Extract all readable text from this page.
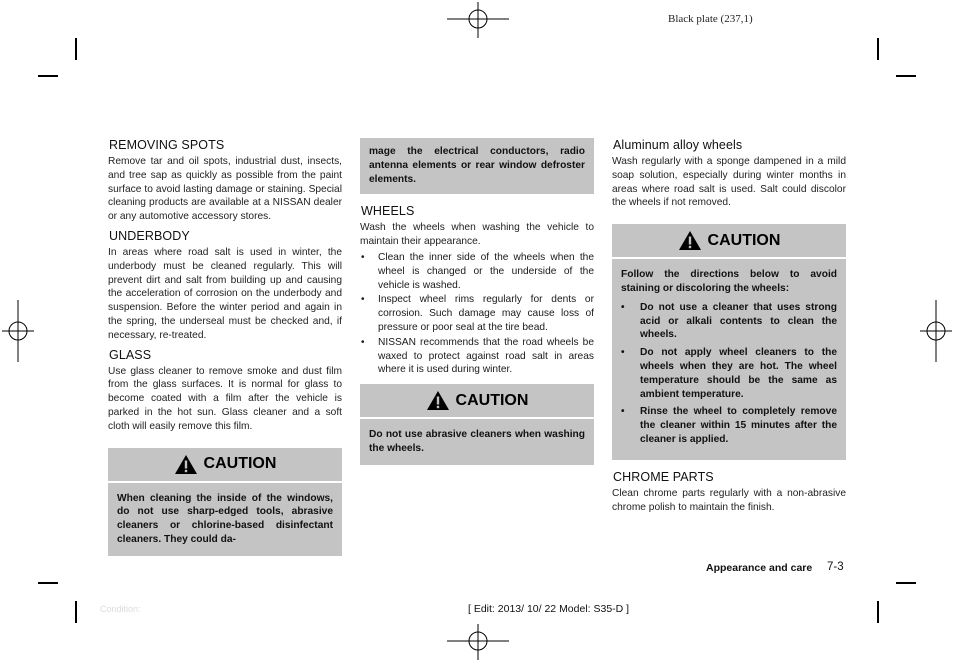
Black plate (237,1)
REMOVING SPOTS

Remove tar and oil spots, industrial dust, insects, and tree sap as quickly as possible from the paint surface to avoid lasting damage or staining. Special cleaning products are available at a NISSAN dealer or any automotive accessory stores.

UNDERBODY

In areas where road salt is used in winter, the underbody must be cleaned regularly. This will prevent dirt and salt from building up and causing the acceleration of corrosion on the underbody and suspension. Before the winter period and again in the spring, the underseal must be checked and, if necessary, re-treated.

GLASS

Use glass cleaner to remove smoke and dust film from the glass surfaces. It is normal for glass to become coated with a film after the vehicle is parked in the hot sun. Glass cleaner and a soft cloth will easily remove this film.

CAUTION
When cleaning the inside of the windows, do not use sharp-edged tools, abrasive cleaners or chlorine-based disinfectant cleaners. They could da-
mage the electrical conductors, radio antenna elements or rear window defroster elements.
WHEELS

Wash the wheels when washing the vehicle to maintain their appearance.

• Clean the inner side of the wheels when the wheel is changed or the underside of the vehicle is washed.
• Inspect wheel rims regularly for dents or corrosion. Such damage may cause loss of pressure or poor seal at the tire bead.
• NISSAN recommends that the road wheels be waxed to protect against road salt in areas where it is used during winter.
CAUTION
Do not use abrasive cleaners when washing the wheels.
Aluminum alloy wheels

Wash regularly with a sponge dampened in a mild soap solution, especially during winter months in areas where road salt is used. Salt could discolor the wheels if not removed.

CAUTION
Follow the directions below to avoid staining or discoloring the wheels:
• Do not use a cleaner that uses strong acid or alkali contents to clean the wheels.
• Do not apply wheel cleaners to the wheels when they are hot. The wheel temperature should be the same as ambient temperature.
• Rinse the wheel to completely remove the cleaner within 15 minutes after the cleaner is applied.
CHROME PARTS

Clean chrome parts regularly with a non-abrasive chrome polish to maintain the finish.

Appearance and care 7-3
[ Edit: 2013/ 10/ 22 Model: S35-D ]
Condition:
